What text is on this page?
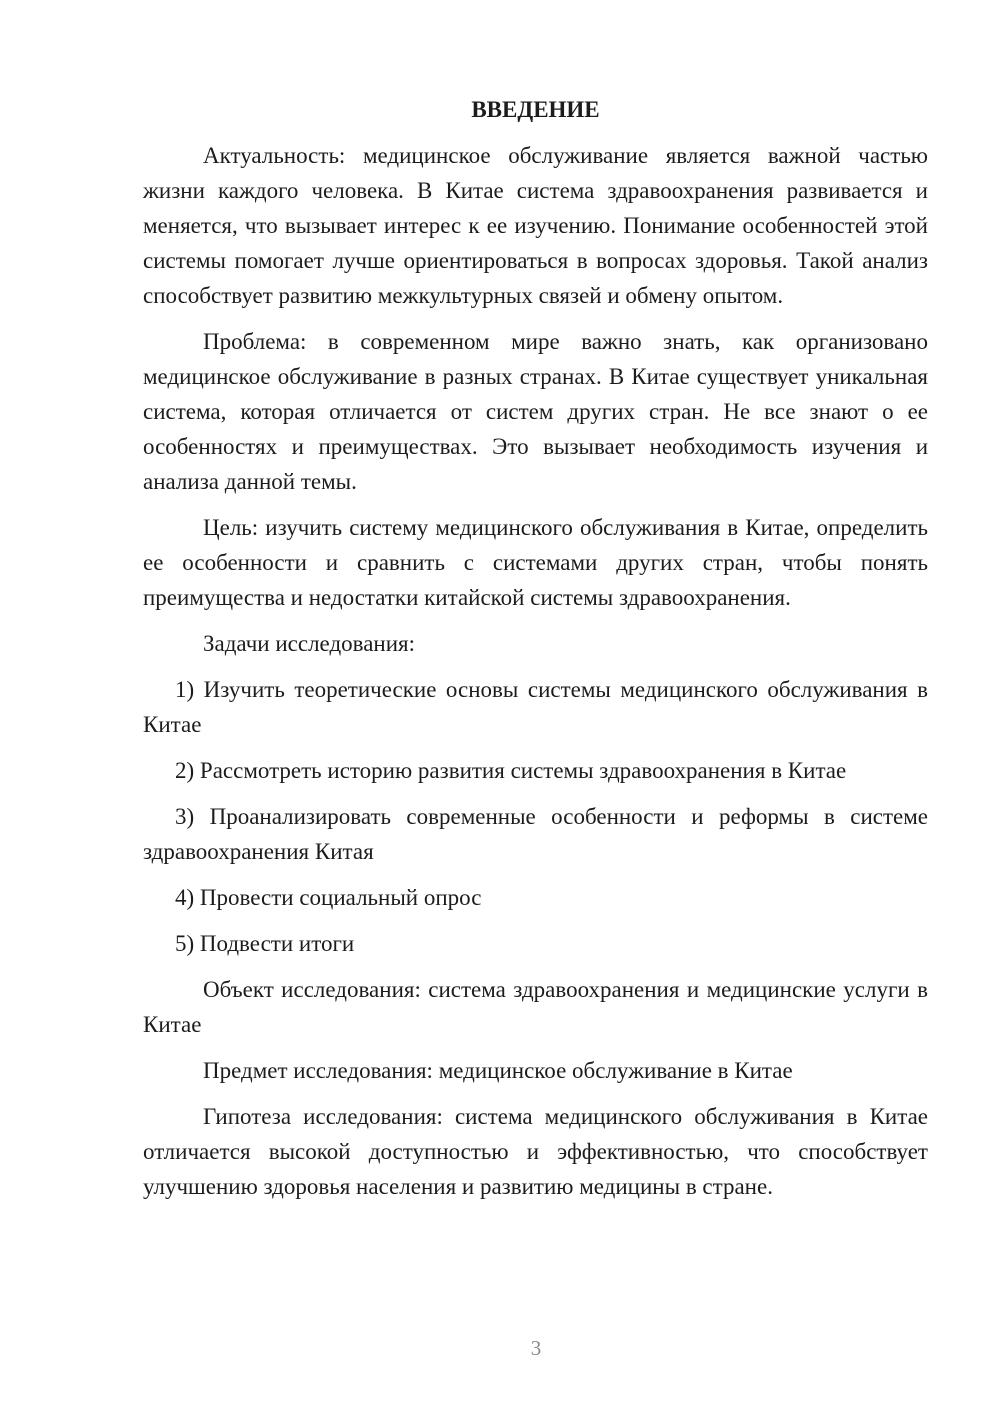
ВВЕДЕНИЕ

Актуальность: медицинское обслуживание является важной частью жизни каждого человека. В Китае система здравоохранения развивается и меняется, что вызывает интерес к ее изучению. Понимание особенностей этой системы помогает лучше ориентироваться в вопросах здоровья. Такой анализ способствует развитию межкультурных связей и обмену опытом.

Проблема: в современном мире важно знать, как организовано медицинское обслуживание в разных странах. В Китае существует уникальная система, которая отличается от систем других стран. Не все знают о ее особенностях и преимуществах. Это вызывает необходимость изучения и анализа данной темы.

Цель: изучить систему медицинского обслуживания в Китае, определить ее особенности и сравнить с системами других стран, чтобы понять преимущества и недостатки китайской системы здравоохранения.

Задачи исследования:

1) Изучить теоретические основы системы медицинского обслуживания в Китае

2) Рассмотреть историю развития системы здравоохранения в Китае

3) Проанализировать современные особенности и реформы в системе здравоохранения Китая

4) Провести социальный опрос

5) Подвести итоги

Объект исследования: система здравоохранения и медицинские услуги в Китае

Предмет исследования: медицинское обслуживание в Китае

Гипотеза исследования: система медицинского обслуживания в Китае отличается высокой доступностью и эффективностью, что способствует улучшению здоровья населения и развитию медицины в стране.

3
